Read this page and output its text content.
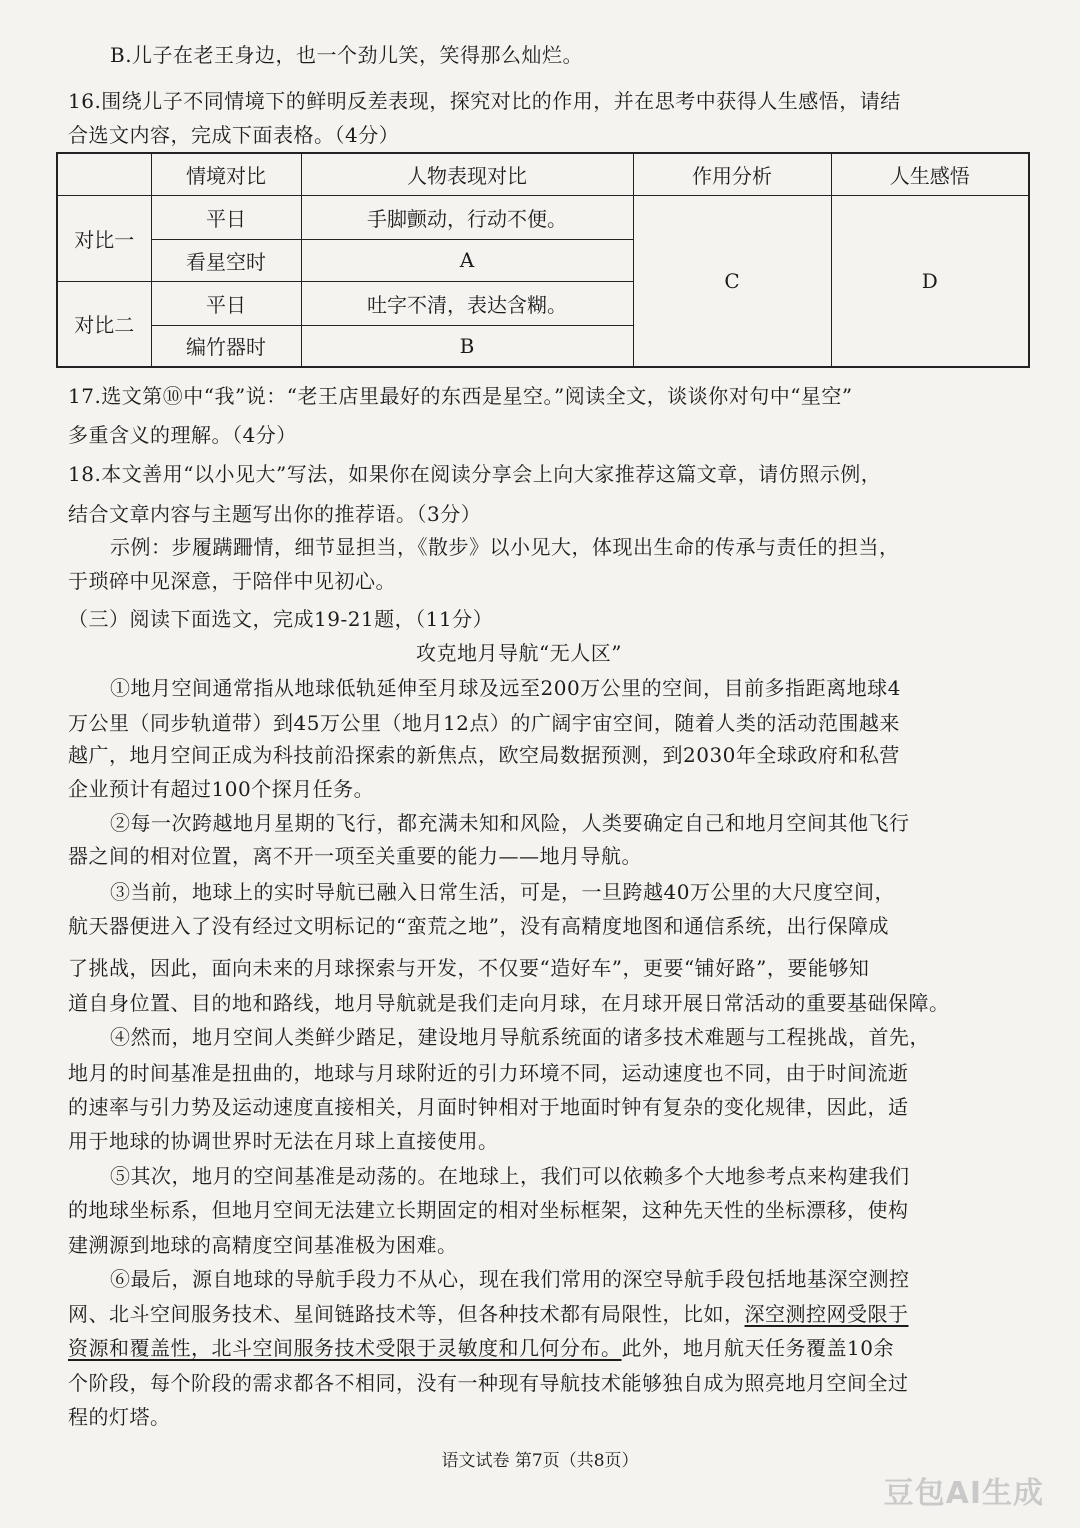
B.儿子在老王身边，也一个劲儿笑，笑得那么灿烂。
16.围绕儿子不同情境下的鲜明反差表现，探究对比的作用，并在思考中获得人生感悟，请结
合选文内容，完成下面表格。（4分）
	情境对比	人物表现对比	作用分析	人生感悟
对比一	平日	手脚颤动，行动不便。	C	D
	看星空时	A		
对比二	平日	吐字不清，表达含糊。		
	编竹器时	B		
17.选文第⑩中“我”说：“老王店里最好的东西是星空。”阅读全文，谈谈你对句中“星空”
多重含义的理解。（4分）
18.本文善用“以小见大”写法，如果你在阅读分享会上向大家推荐这篇文章，请仿照示例，
结合文章内容与主题写出你的推荐语。（3分）
示例：步履蹒跚情，细节显担当，《散步》以小见大，体现出生命的传承与责任的担当，
于琐碎中见深意，于陪伴中见初心。
（三）阅读下面选文，完成19-21题，（11分）
攻克地月导航“无人区”
①地月空间通常指从地球低轨延伸至月球及远至200万公里的空间，目前多指距离地球4
万公里（同步轨道带）到45万公里（地月12点）的广阔宇宙空间，随着人类的活动范围越来
越广，地月空间正成为科技前沿探索的新焦点，欧空局数据预测，到2030年全球政府和私营
企业预计有超过100个探月任务。
②每一次跨越地月星期的飞行，都充满未知和风险，人类要确定自己和地月空间其他飞行
器之间的相对位置，离不开一项至关重要的能力——地月导航。
③当前，地球上的实时导航已融入日常生活，可是，一旦跨越40万公里的大尺度空间，
航天器便进入了没有经过文明标记的“蛮荒之地”，没有高精度地图和通信系统，出行保障成
了挑战，因此，面向未来的月球探索与开发，不仅要“造好车”，更要“铺好路”，要能够知
道自身位置、目的地和路线，地月导航就是我们走向月球，在月球开展日常活动的重要基础保障。
④然而，地月空间人类鲜少踏足，建设地月导航系统面的诸多技术难题与工程挑战，首先，
地月的时间基准是扭曲的，地球与月球附近的引力环境不同，运动速度也不同，由于时间流逝
的速率与引力势及运动速度直接相关，月面时钟相对于地面时钟有复杂的变化规律，因此，适
用于地球的协调世界时无法在月球上直接使用。
⑤其次，地月的空间基准是动荡的。在地球上，我们可以依赖多个大地参考点来构建我们
的地球坐标系，但地月空间无法建立长期固定的相对坐标框架，这种先天性的坐标漂移，使构
建溯源到地球的高精度空间基准极为困难。
⑥最后，源自地球的导航手段力不从心，现在我们常用的深空导航手段包括地基深空测控
网、北斗空间服务技术、星间链路技术等，但各种技术都有局限性，比如，深空测控网受限于
资源和覆盖性，北斗空间服务技术受限于灵敏度和几何分布。此外，地月航天任务覆盖10余
个阶段，每个阶段的需求都各不相同，没有一种现有导航技术能够独自成为照亮地月空间全过
程的灯塔。
语文试卷 第7页（共8页）
豆包AI生成
